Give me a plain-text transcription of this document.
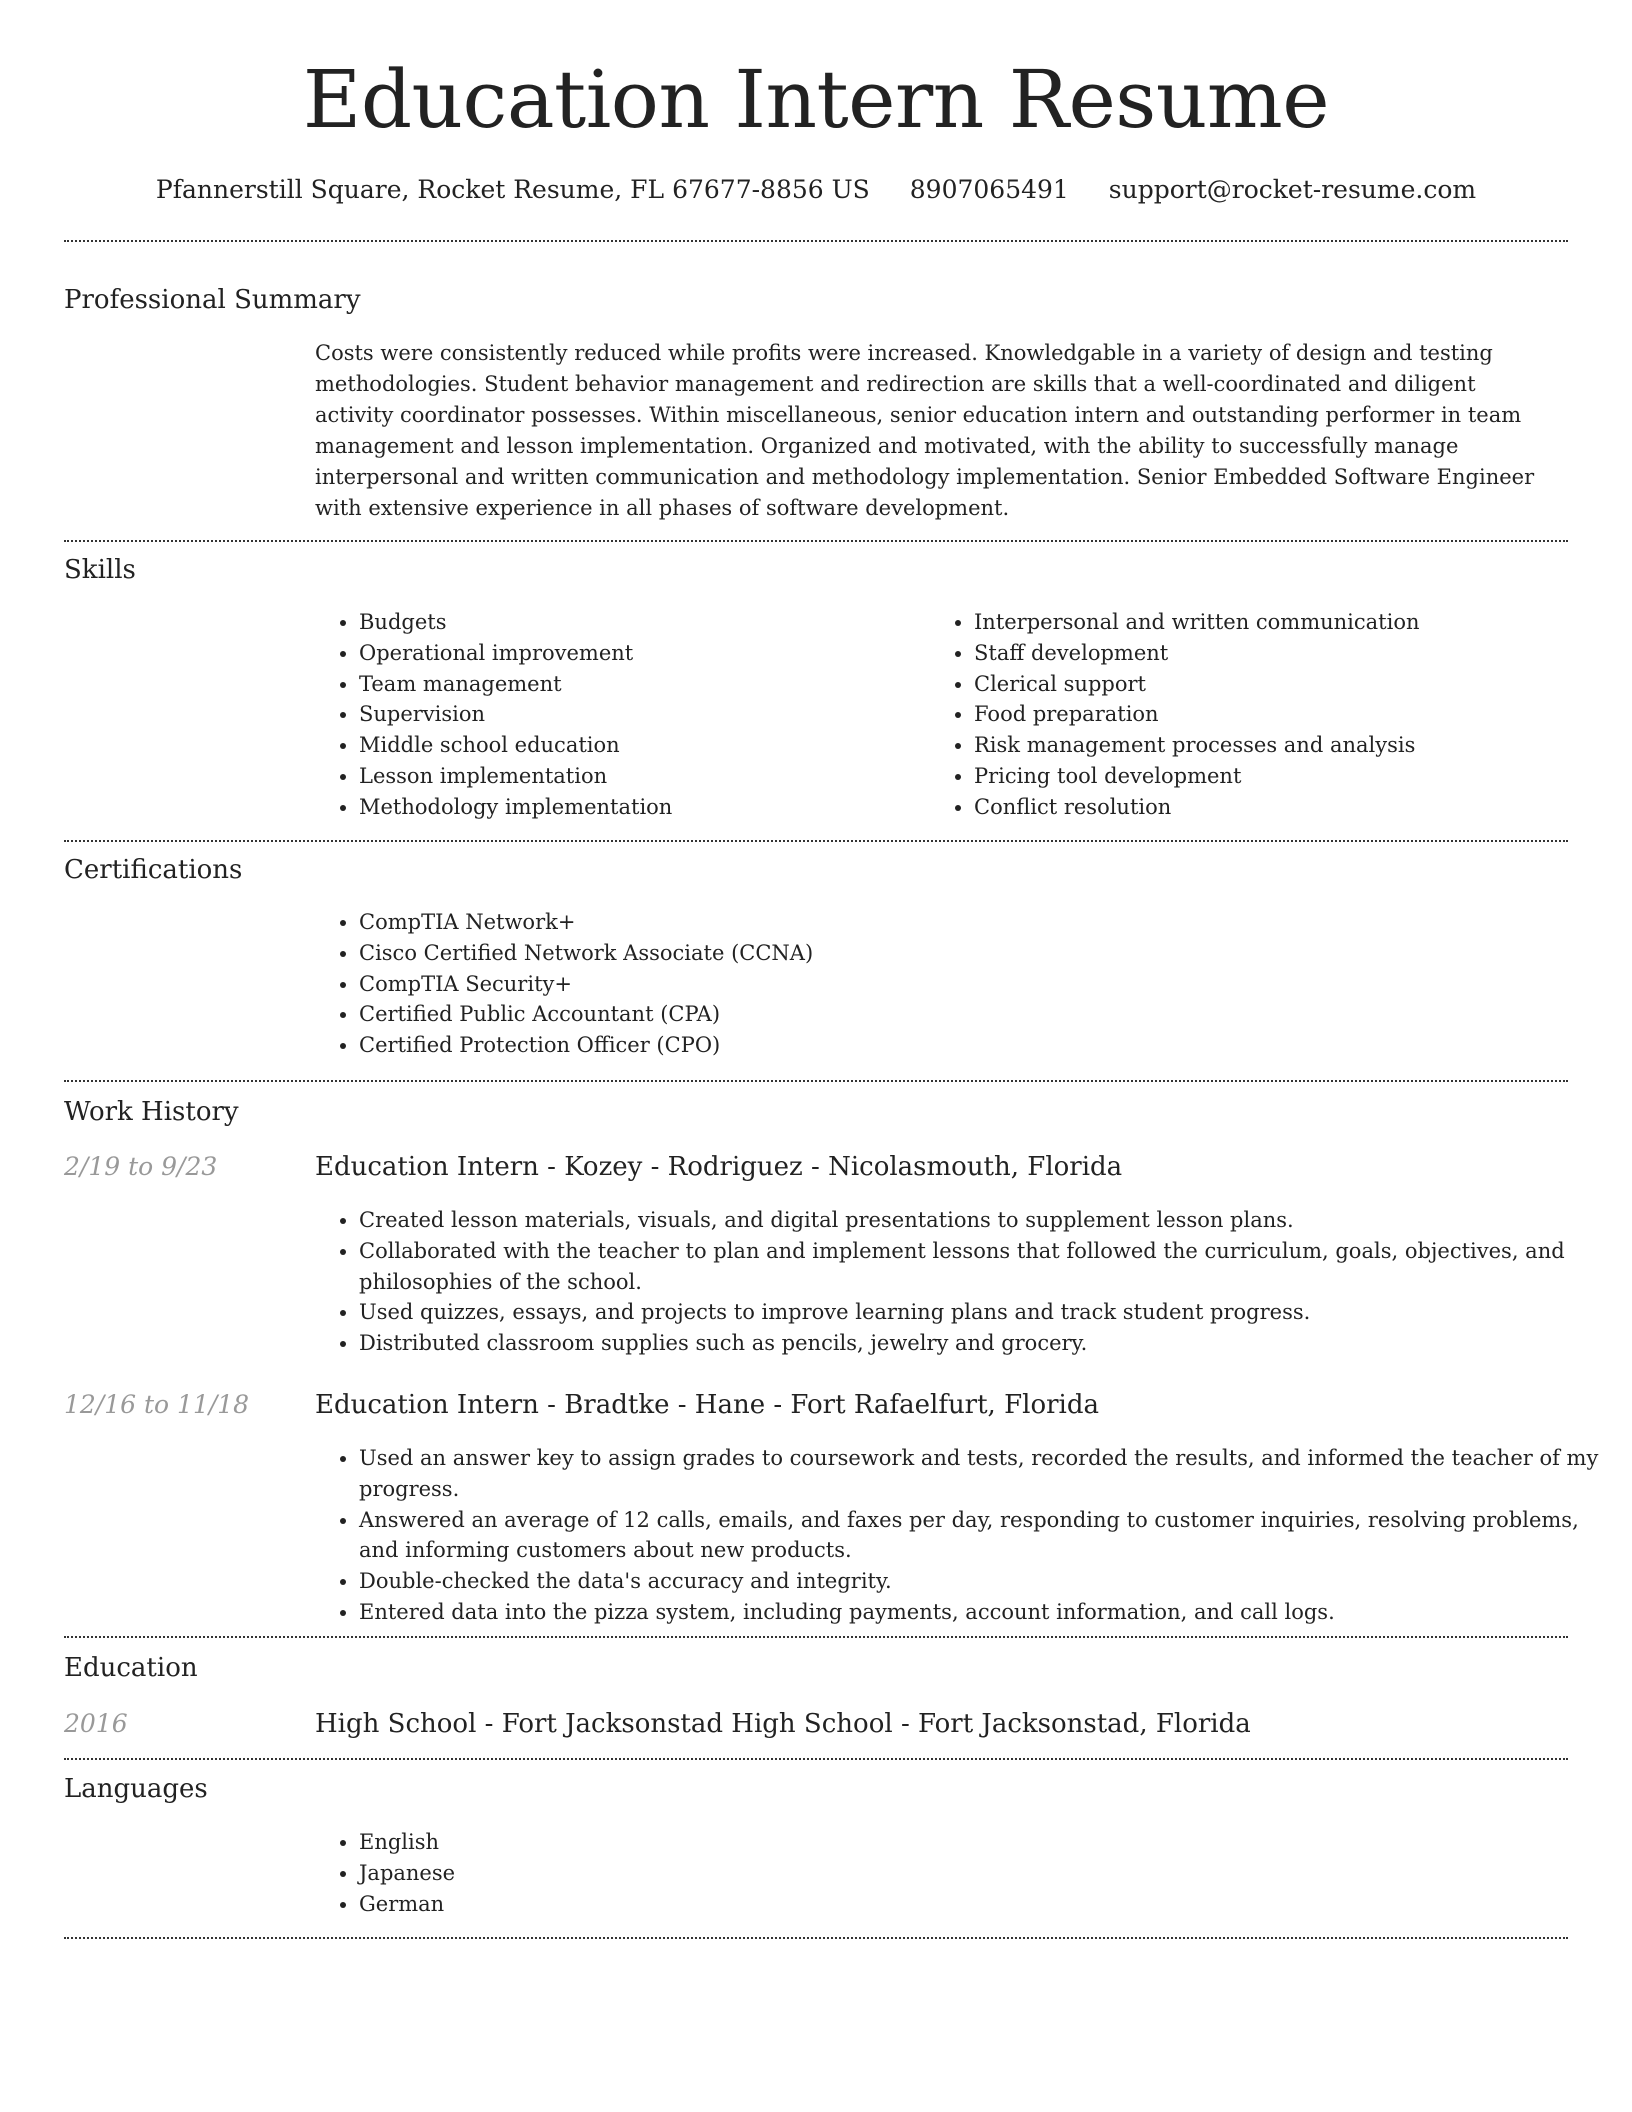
Education Intern Resume
Pfannerstill Square, Rocket Resume, FL 67677-8856 US 8907065491 support@rocket-resume.com
Professional Summary

Costs were consistently reduced while profits were increased. Knowledgable in a variety of design and testing methodologies. Student behavior management and redirection are skills that a well-coordinated and diligent activity coordinator possesses. Within miscellaneous, senior education intern and outstanding performer in team management and lesson implementation. Organized and motivated, with the ability to successfully manage interpersonal and written communication and methodology implementation. Senior Embedded Software Engineer with extensive experience in all phases of software development.

Skills
• Budgets
• Operational improvement
• Team management
• Supervision
• Middle school education
• Lesson implementation
• Methodology implementation
• Interpersonal and written communication
• Staff development
• Clerical support
• Food preparation
• Risk management processes and analysis
• Pricing tool development
• Conflict resolution
Certifications
• CompTIA Network+
• Cisco Certified Network Associate (CCNA)
• CompTIA Security+
• Certified Public Accountant (CPA)
• Certified Protection Officer (CPO)
Work History
2/19 to 9/23	Education Intern - Kozey - Rodriguez - Nicolasmouth, Florida
• Created lesson materials, visuals, and digital presentations to supplement lesson plans.
• Collaborated with the teacher to plan and implement lessons that followed the curriculum, goals, objectives, and philosophies of the school.
• Used quizzes, essays, and projects to improve learning plans and track student progress.
• Distributed classroom supplies such as pencils, jewelry and grocery.
12/16 to 11/18	Education Intern - Bradtke - Hane - Fort Rafaelfurt, Florida
• Used an answer key to assign grades to coursework and tests, recorded the results, and informed the teacher of my progress.
• Answered an average of 12 calls, emails, and faxes per day, responding to customer inquiries, resolving problems, and informing customers about new products.
• Double-checked the data's accuracy and integrity.
• Entered data into the pizza system, including payments, account information, and call logs.
Education
2016	High School - Fort Jacksonstad High School - Fort Jacksonstad, Florida
Languages
• English
• Japanese
• German
